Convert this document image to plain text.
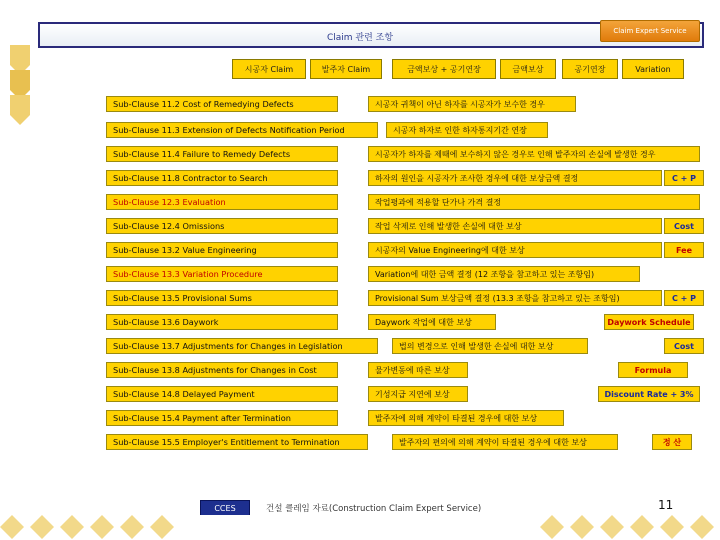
Claim 관련 조항
Claim Expert Service
시공자 Claim	발주자 Claim	금액보상 + 공기연장	금액보상	공기연장	Variation
Sub-Clause 11.2 Cost of Remedying Defects	시공자 귀책이 아닌 하자를 시공자가 보수한 경우
Sub-Clause 11.3 Extension of Defects Notification Period	시공자 하자로 인한 하자통지기간 연장
Sub-Clause 11.4 Failure to Remedy Defects	시공자가 하자를 제때에 보수하지 않은 경우로 인해 발주자의 손실에 발생한 경우
Sub-Clause 11.8 Contractor to Search	하자의 원인을 시공자가 조사한 경우에 대한 보상금액 결정	C + P
Sub-Clause 12.3 Evaluation	작업평과에 적용할 단가나 가격 결정
Sub-Clause 12.4 Omissions	작업 삭제로 인해 발생한 손실에 대한 보상	Cost
Sub-Clause 13.2 Value Engineering	시공자의 Value Engineering에 대한 보상	Fee
Sub-Clause 13.3 Variation Procedure	Variation에 대한 금액 결정 (12 조항을 참고하고 있는 조항임)
Sub-Clause 13.5 Provisional Sums	Provisional Sum 보상금액 결정 (13.3 조항을 참고하고 있는 조항임)	C + P
Sub-Clause 13.6 Daywork	Daywork 작업에 대한 보상	Daywork Schedule
Sub-Clause 13.7 Adjustments for Changes in Legislation	법의 변경으로 인해 발생한 손실에 대한 보상	Cost
Sub-Clause 13.8 Adjustments for Changes in Cost	물가변동에 따른 보상	Formula
Sub-Clause 14.8 Delayed Payment	기성지급 지연에 보상	Discount Rate + 3%
Sub-Clause 15.4 Payment after Termination	발주자에 의해 계약이 타결된 경우에 대한 보상
Sub-Clause 15.5 Employer's Entitlement to Termination	발주자의 편의에 의해 계약이 타결된 경우에 대한 보상	정 산
CCES	건설 클레임 자료(Construction Claim Expert Service)	11
